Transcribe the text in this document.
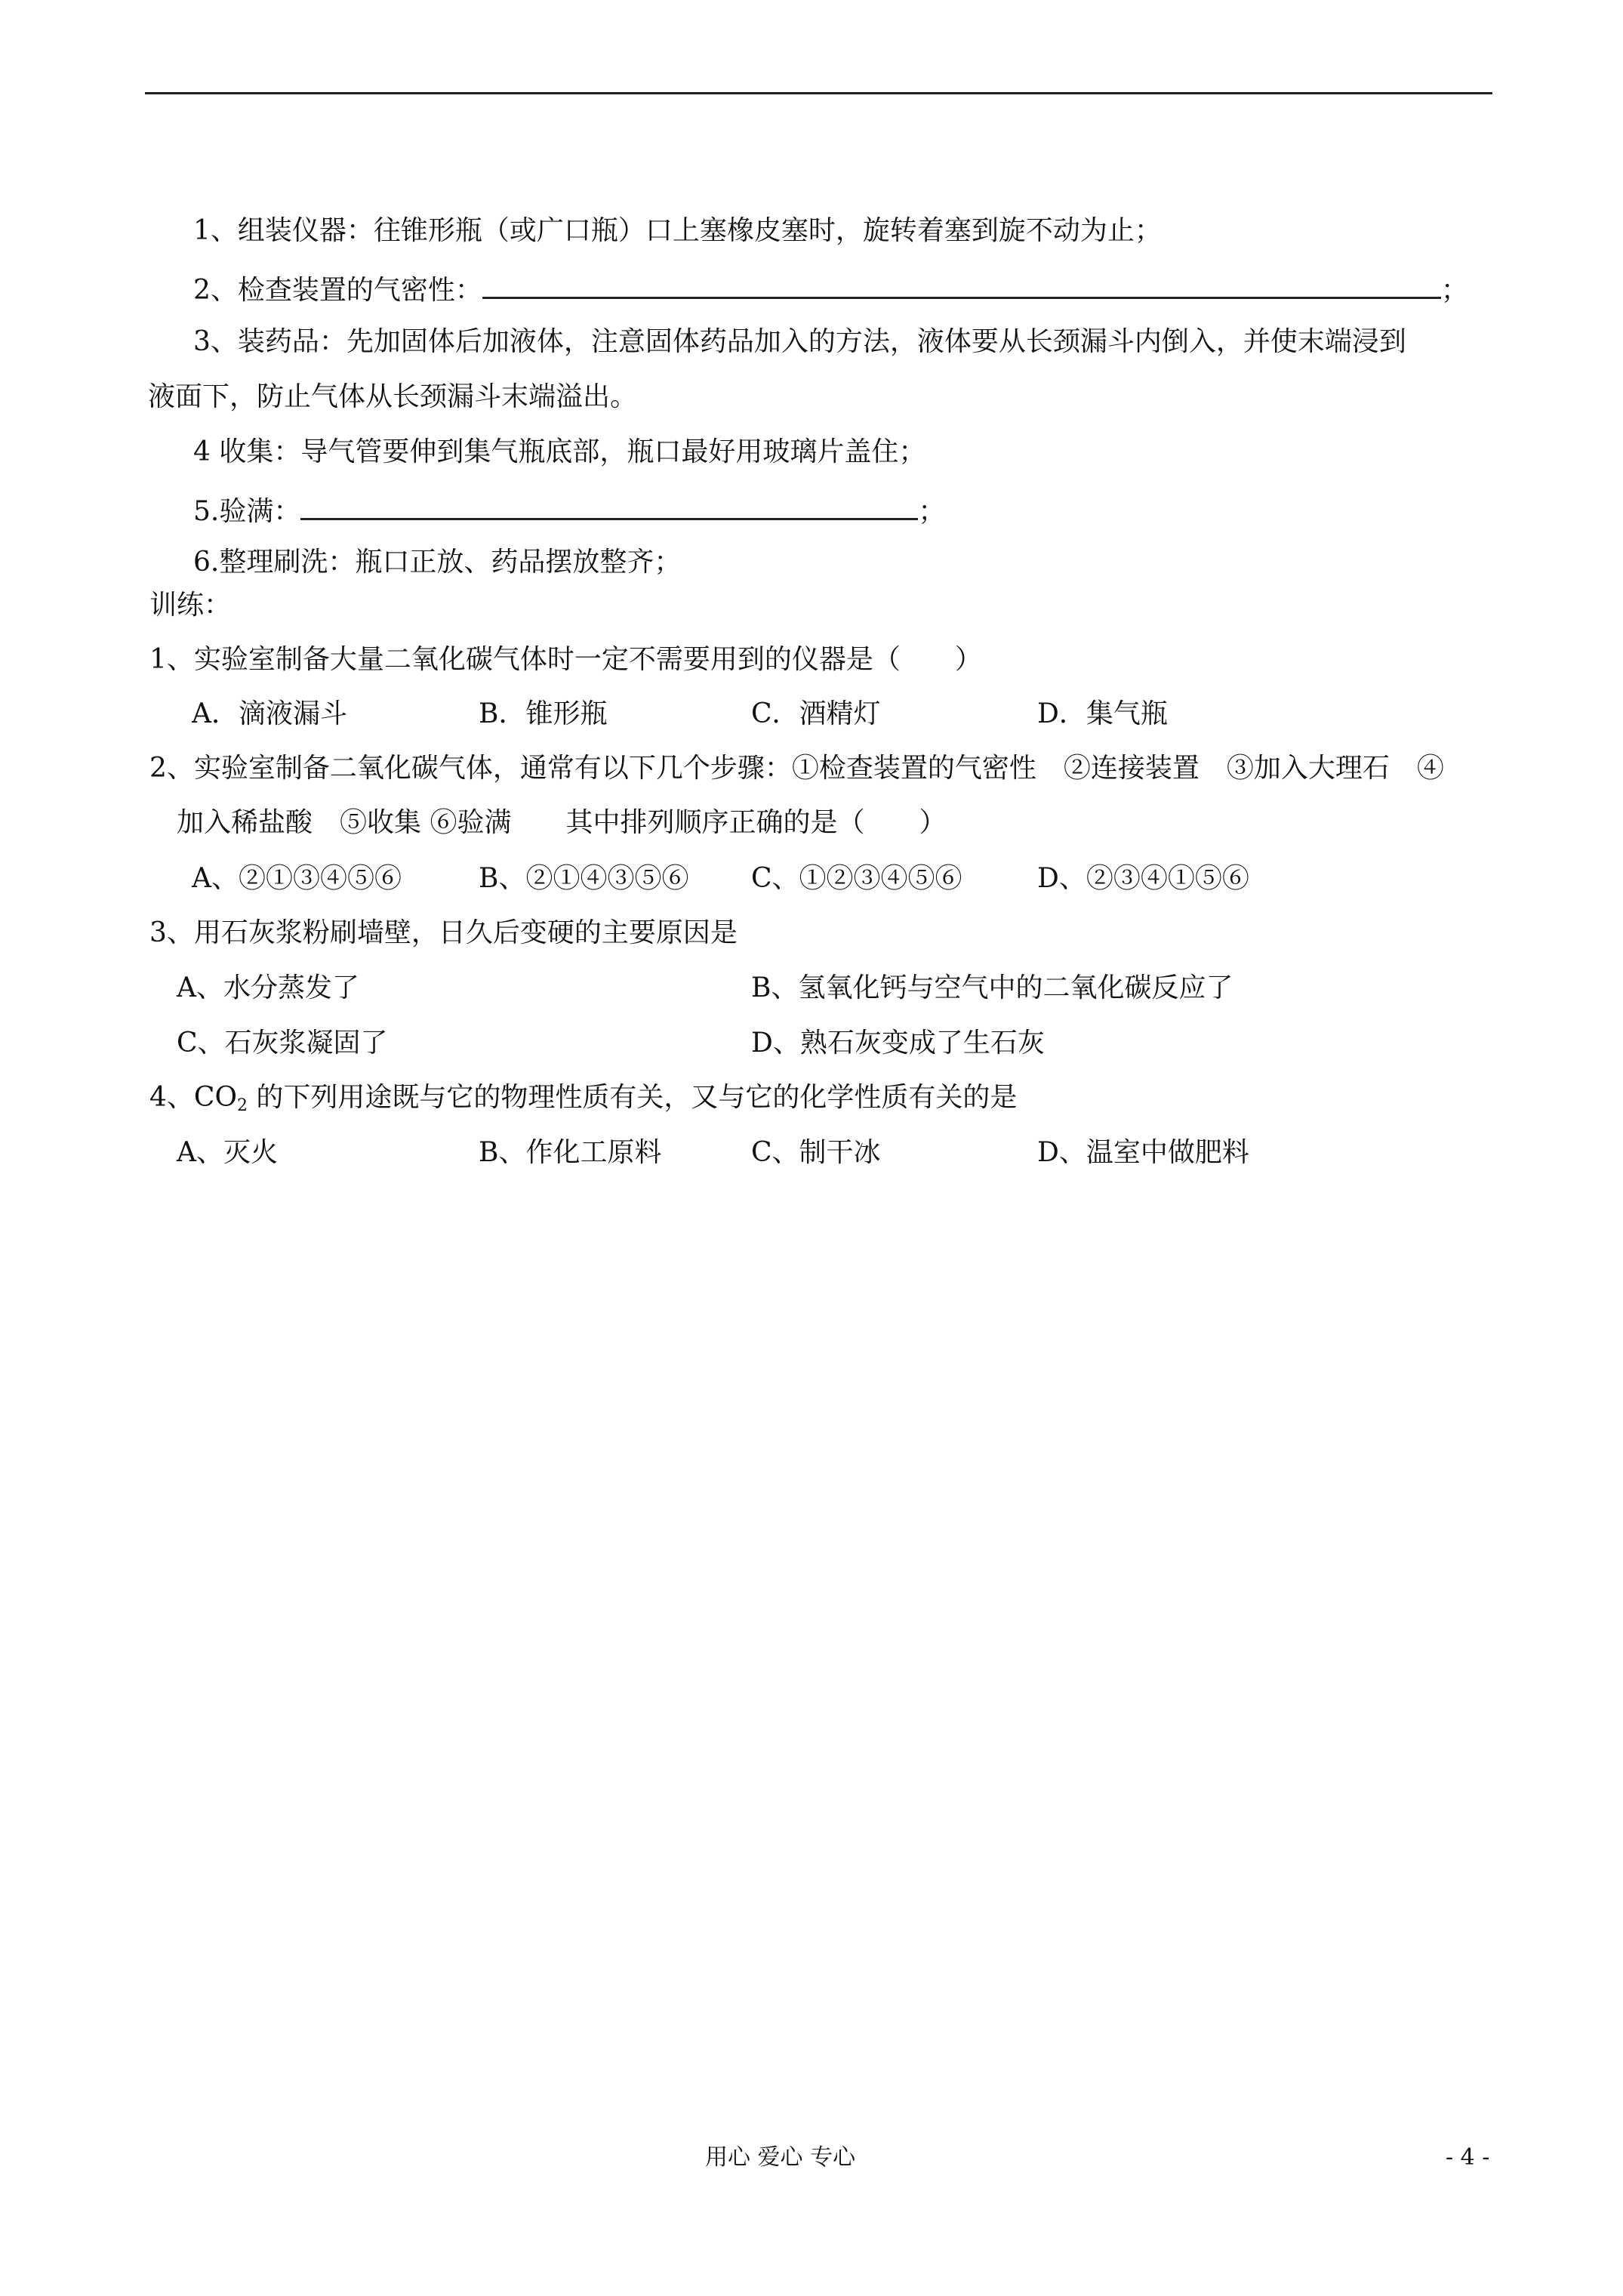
1、组装仪器：往锥形瓶（或广口瓶）口上塞橡皮塞时，旋转着塞到旋不动为止；
2、检查装置的气密性：	；
3、装药品：先加固体后加液体，注意固体药品加入的方法，液体要从长颈漏斗内倒入，并使末端浸到
液面下，防止气体从长颈漏斗末端溢出。
4 收集：导气管要伸到集气瓶底部，瓶口最好用玻璃片盖住；
5.验满：	；
6.整理刷洗：瓶口正放、药品摆放整齐；
训练：
1、实验室制备大量二氧化碳气体时一定不需要用到的仪器是（　　）
A．滴液漏斗	B．锥形瓶	C．酒精灯	D．集气瓶
2、实验室制备二氧化碳气体，通常有以下几个步骤：①检查装置的气密性　②连接装置　③加入大理石　④
加入稀盐酸　⑤收集 ⑥验满　　其中排列顺序正确的是（　　）
A、②①③④⑤⑥	B、②①④③⑤⑥ C、①②③④⑤⑥	D、②③④①⑤⑥
3、用石灰浆粉刷墙壁，日久后变硬的主要原因是
A、水分蒸发了	B、氢氧化钙与空气中的二氧化碳反应了
C、石灰浆凝固了	D、熟石灰变成了生石灰
4、$CO_2$ 的下列用途既与它的物理性质有关，又与它的化学性质有关的是
A、灭火	B、作化工原料	C、制干冰	D、温室中做肥料
用心 爱心 专心	- 4 -
